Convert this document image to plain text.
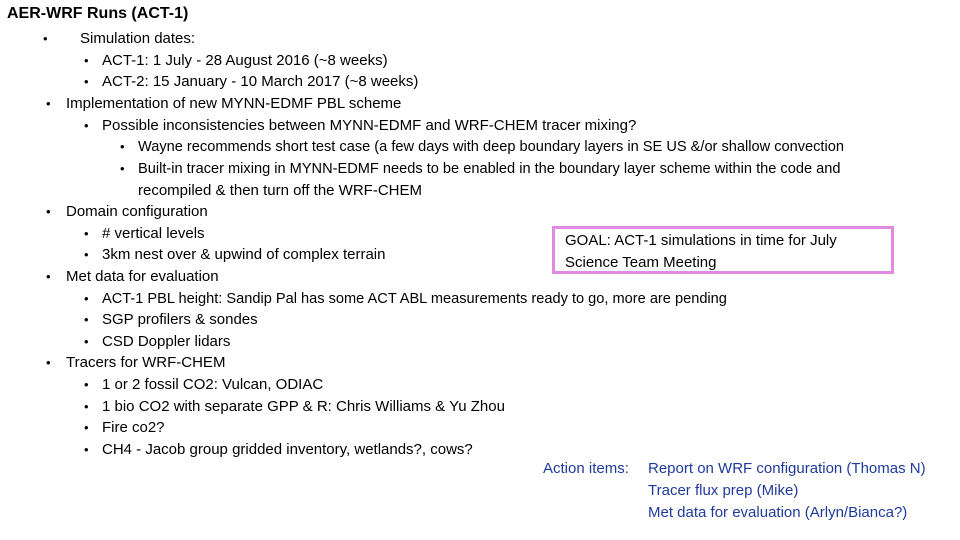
AER-WRF Runs (ACT-1)
• Simulation dates:
• ACT-1: 1 July - 28 August 2016 (~8 weeks)
• ACT-2: 15 January - 10 March 2017 (~8 weeks)
• Implementation of new MYNN-EDMF PBL scheme
• Possible inconsistencies between MYNN-EDMF and WRF-CHEM tracer mixing?
• Wayne recommends short test case (a few days with deep boundary layers in SE US &/or shallow convection
• Built-in tracer mixing in MYNN-EDMF needs to be enabled in the boundary layer scheme within the code and
recompiled & then turn off the WRF-CHEM
• Domain configuration
• # vertical levels
• 3km nest over & upwind of complex terrain
• Met data for evaluation
• ACT-1 PBL height: Sandip Pal has some ACT ABL measurements ready to go, more are pending
• SGP profilers & sondes
• CSD Doppler lidars
• Tracers for WRF-CHEM
• 1 or 2 fossil CO2: Vulcan, ODIAC
• 1 bio CO2 with separate GPP & R: Chris Williams & Yu Zhou
• Fire co2?
• CH4 - Jacob group gridded inventory, wetlands?, cows?
GOAL: ACT-1 simulations in time for July
Science Team Meeting
Action items: Report on WRF configuration (Thomas N)
Tracer flux prep (Mike)
Met data for evaluation (Arlyn/Bianca?)
